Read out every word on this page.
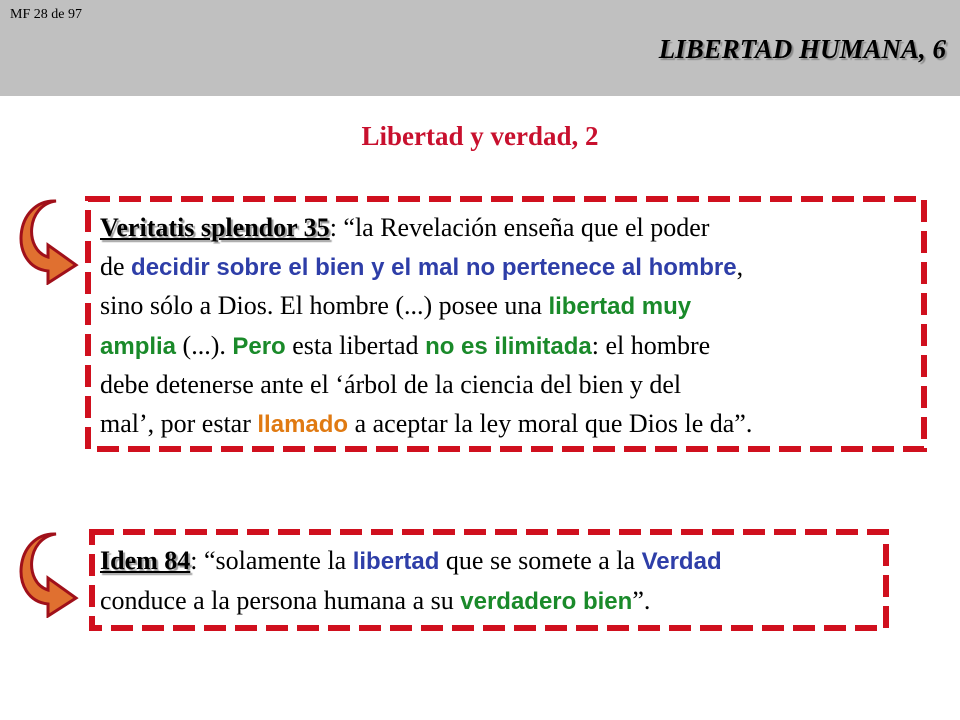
MF 28 de 97
LIBERTAD HUMANA, 6
Libertad y verdad, 2
Veritatis splendor 35: “la Revelación enseña que el poder
de decidir sobre el bien y el mal no pertenece al hombre,
sino sólo a Dios. El hombre (...) posee una libertad muy
amplia (...). Pero esta libertad no es ilimitada: el hombre
debe detenerse ante el ‘árbol de la ciencia del bien y del
mal’, por estar llamado a aceptar la ley moral que Dios le da”.
Idem 84: “solamente la libertad que se somete a la Verdad
conduce a la persona humana a su verdadero bien”.
